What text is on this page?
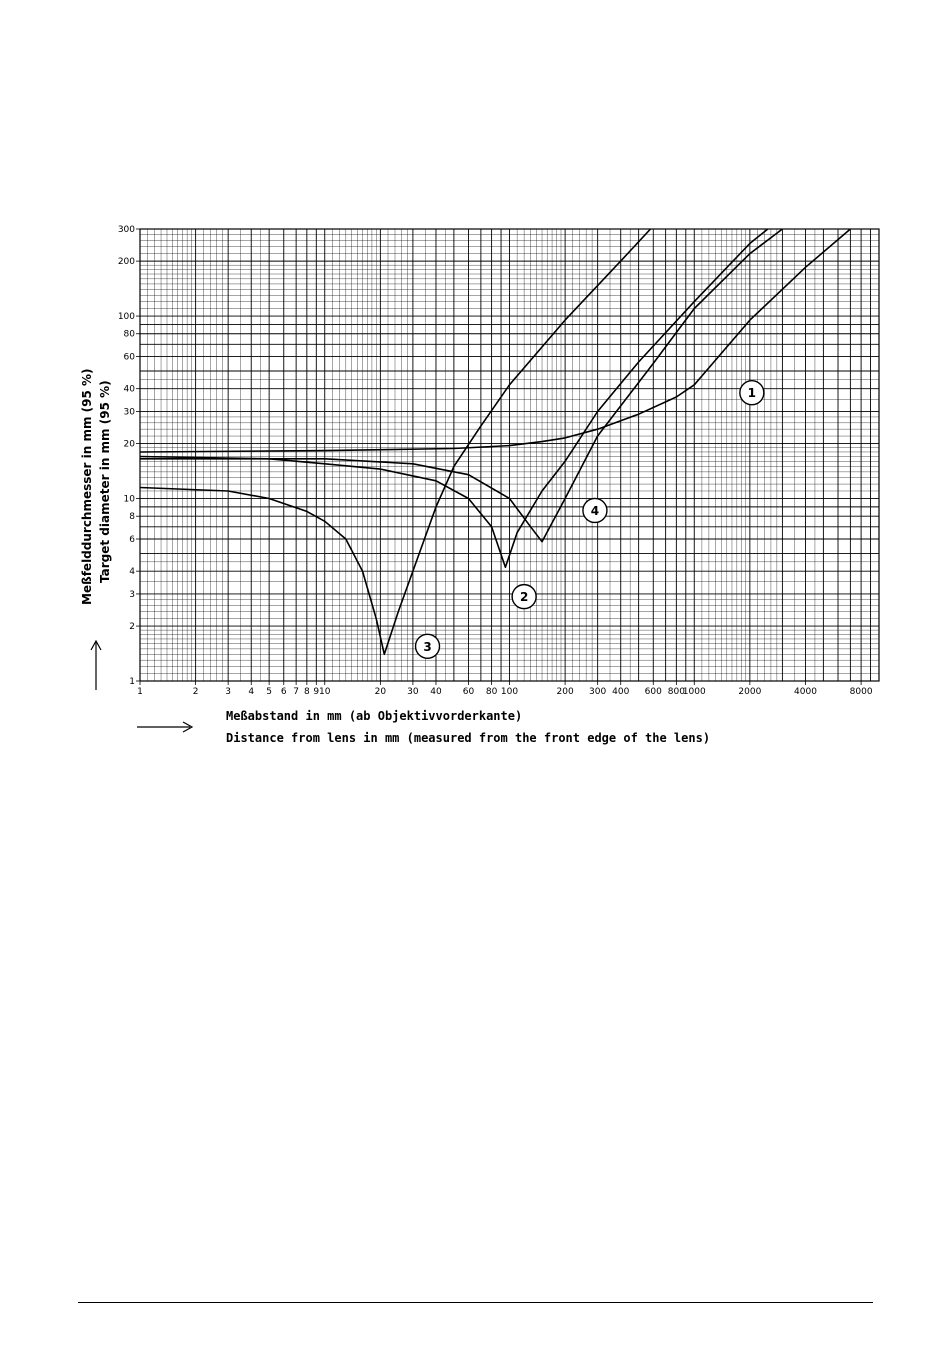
1	2	3 4 5 6 7 8 9 10	20 30 40 60 80 100	200 300 400 600 800
1000	2000	4000	8000
1
2
3
4
6
8
10
20
30
40
60
80
100
200
300
1
2
3
4
Meßfelddurchmesser in mm (95 %) Target diameter in mm (95 %)
Meßabstand in mm (ab Objektivvorderkante)
Distance from lens in mm (measured from the front edge of the lens)
